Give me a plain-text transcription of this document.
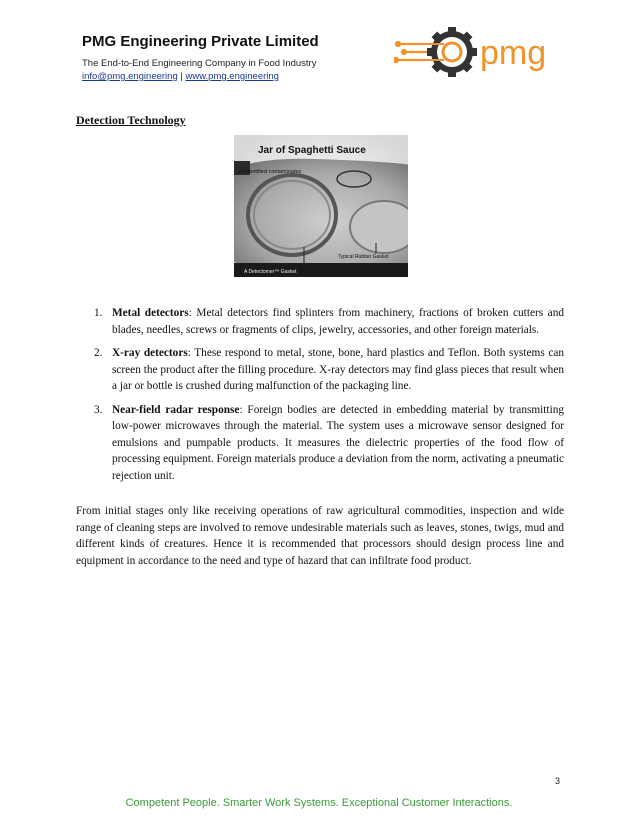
PMG Engineering Private Limited
The End-to-End Engineering Company in Food Industry
info@pmg.engineering | www.pmg.engineering
pmg
Detection Technology
Jar of Spaghetti Sauce
Unidentified contaminates
Typical Rubber Gasket
A Detectomer™ Gasket
1. Metal detectors: Metal detectors find splinters from machinery, fractions of broken cutters and blades, needles, screws or fragments of clips, jewelry, accessories, and other foreign materials.
2. X-ray detectors: These respond to metal, stone, bone, hard plastics and Teflon. Both systems can screen the product after the filling procedure. X-ray detectors may find glass pieces that result when a jar or bottle is crushed during malfunction of the packaging line.
3. Near-field radar response: Foreign bodies are detected in embedding material by transmitting low-power microwaves through the material. The system uses a microwave sensor designed for emulsions and pumpable products. It measures the dielectric properties of the food flow of processing equipment. Foreign materials produce a deviation from the norm, activating a pneumatic rejection unit.

From initial stages only like receiving operations of raw agricultural commodities, inspection and wide range of cleaning steps are involved to remove undesirable materials such as leaves, stones, twigs, mud and different kinds of creatures. Hence it is recommended that processors should design process line and equipment in accordance to the need and type of hazard that can infiltrate food product.

3
Competent People. Smarter Work Systems. Exceptional Customer Interactions.
